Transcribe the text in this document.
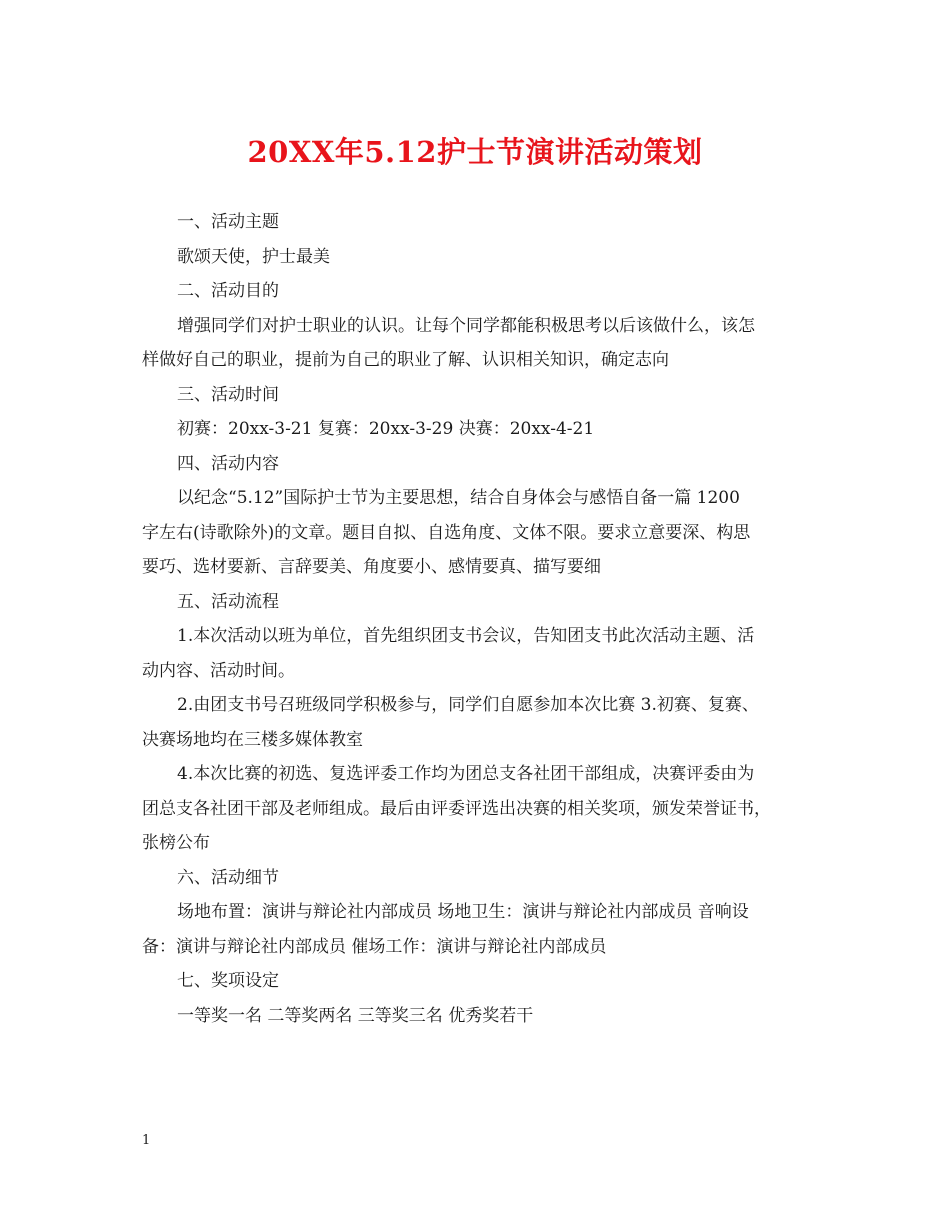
20XX年5.12护士节演讲活动策划
一、活动主题
歌颂天使，护士最美
二、活动目的
增强同学们对护士职业的认识。让每个同学都能积极思考以后该做什么，该怎
样做好自己的职业，提前为自己的职业了解、认识相关知识，确定志向
三、活动时间
初赛：20xx-3-21 复赛：20xx-3-29 决赛：20xx-4-21
四、活动内容
以纪念“5.12”国际护士节为主要思想，结合自身体会与感悟自备一篇 1200
字左右(诗歌除外)的文章。题目自拟、自选角度、文体不限。要求立意要深、构思
要巧、选材要新、言辞要美、角度要小、感情要真、描写要细
五、活动流程
1.本次活动以班为单位，首先组织团支书会议，告知团支书此次活动主题、活
动内容、活动时间。
2.由团支书号召班级同学积极参与，同学们自愿参加本次比赛 3.初赛、复赛、
决赛场地均在三楼多媒体教室
4.本次比赛的初选、复选评委工作均为团总支各社团干部组成，决赛评委由为
团总支各社团干部及老师组成。最后由评委评选出决赛的相关奖项，颁发荣誉证书，
张榜公布
六、活动细节
场地布置：演讲与辩论社内部成员 场地卫生：演讲与辩论社内部成员 音响设
备：演讲与辩论社内部成员 催场工作：演讲与辩论社内部成员
七、奖项设定
一等奖一名 二等奖两名 三等奖三名 优秀奖若干
1
